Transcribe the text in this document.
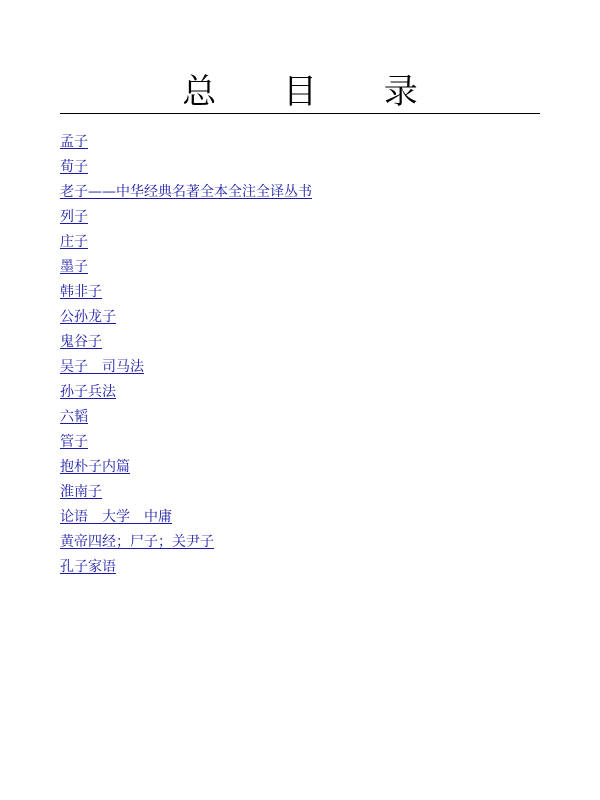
总 目 录
孟子
荀子
老子——中华经典名著全本全注全译丛书
列子
庄子
墨子
韩非子
公孙龙子
鬼谷子
吴子　司马法
孙子兵法
六韬
管子
抱朴子内篇
淮南子
论语　大学　中庸
黄帝四经；尸子；关尹子
孔子家语
